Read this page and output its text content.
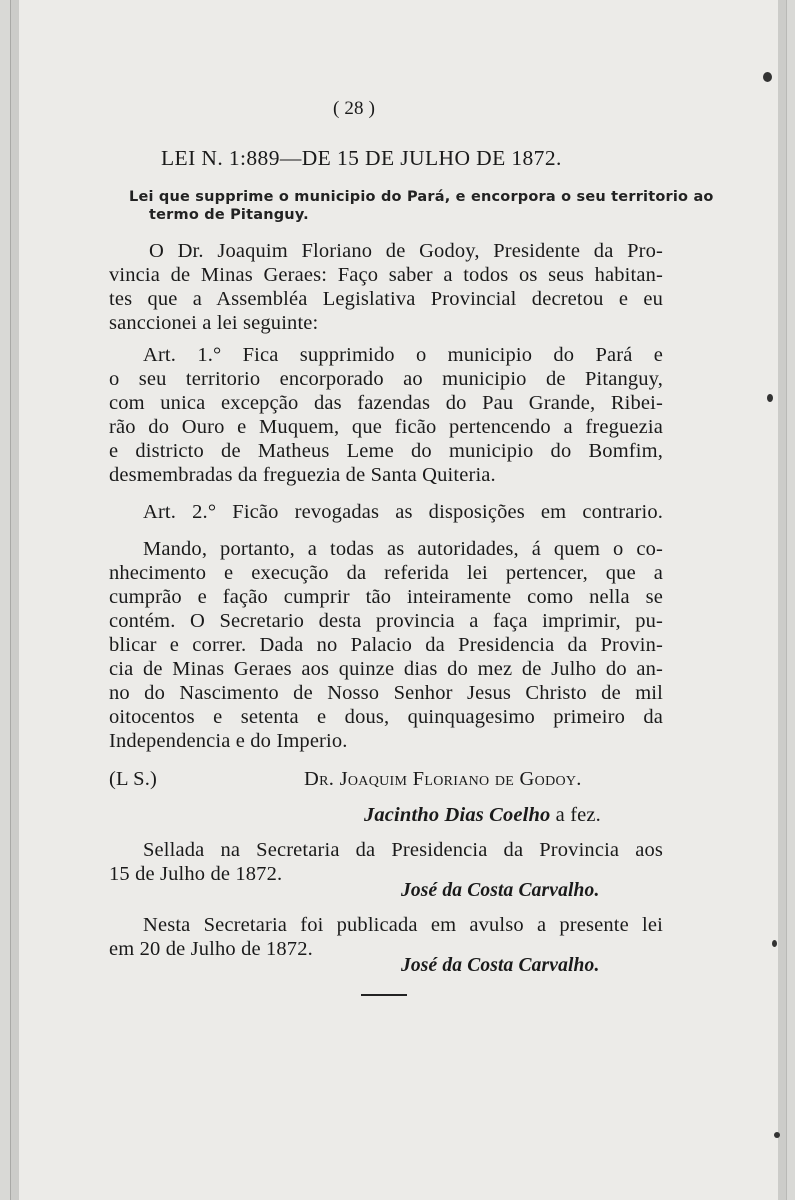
( 28 )
LEI N. 1:889—DE 15 DE JULHO DE 1872.
Lei que supprime o municipio do Pará, e encorpora o seu territorio ao
termo de Pitanguy.
O Dr. Joaquim Floriano de Godoy, Presidente da Pro-
vincia de Minas Geraes: Faço saber a todos os seus habitan-
tes que a Assembléa Legislativa Provincial decretou e eu
sanccionei a lei seguinte:
Art. 1.° Fica supprimido o municipio do Pará e
o seu territorio encorporado ao municipio de Pitanguy,
com unica excepção das fazendas do Pau Grande, Ribei-
rão do Ouro e Muquem, que ficão pertencendo a freguezia
e districto de Matheus Leme do municipio do Bomfim,
desmembradas da freguezia de Santa Quiteria.
Art. 2.° Ficão revogadas as disposições em contrario.
Mando, portanto, a todas as autoridades, á quem o co-
nhecimento e execução da referida lei pertencer, que a
cumprão e fação cumprir tão inteiramente como nella se
contém. O Secretario desta provincia a faça imprimir, pu-
blicar e correr. Dada no Palacio da Presidencia da Provin-
cia de Minas Geraes aos quinze dias do mez de Julho do an-
no do Nascimento de Nosso Senhor Jesus Christo de mil
oitocentos e setenta e dous, quinquagesimo primeiro da
Independencia e do Imperio.
(L S.)	Dr. Joaquim Floriano de Godoy.
Jacintho Dias Coelho a fez.
Sellada na Secretaria da Presidencia da Provincia aos
15 de Julho de 1872.
José da Costa Carvalho.
Nesta Secretaria foi publicada em avulso a presente lei
em 20 de Julho de 1872.
José da Costa Carvalho.
